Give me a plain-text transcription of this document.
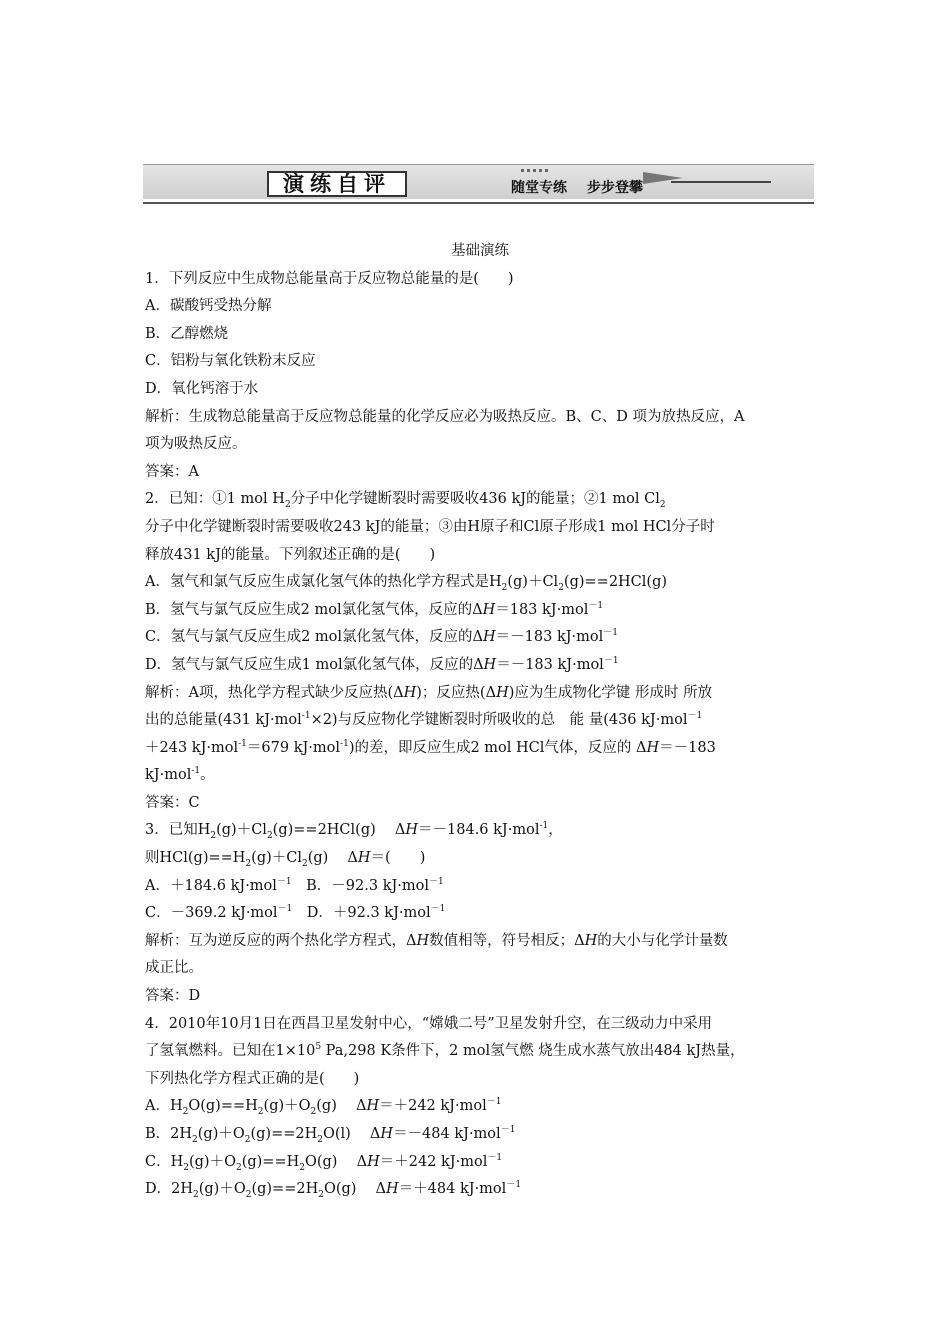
演练自评	随堂专练 步步登攀
基础演练
1．下列反应中生成物总能量高于反应物总能量的是(　　)
A．碳酸钙受热分解
B．乙醇燃烧
C．铝粉与氧化铁粉末反应
D．氧化钙溶于水
解析：生成物总能量高于反应物总能量的化学反应必为吸热反应。B、C、D 项为放热反应，A
项为吸热反应。
答案：A
2．已知：①1 mol $H_2$分子中化学键断裂时需要吸收436 kJ的能量；②1 mol $Cl_2$
分子中化学键断裂时需要吸收243 kJ的能量；③由H原子和Cl原子形成1 mol HCl分子时
释放431 kJ的能量。下列叙述正确的是(　　)
A．氢气和氯气反应生成氯化氢气体的热化学方程式是$H_2(g)+Cl_2(g)==2HCl(g)$
B．氢气与氯气反应生成2 mol氯化氢气体，反应的ΔH＝183 kJ·mol$^{-1}$
C．氢气与氯气反应生成2 mol氯化氢气体，反应的ΔH＝－183 kJ·mol$^{-1}$
D．氢气与氯气反应生成1 mol氯化氢气体，反应的ΔH＝－183 kJ·mol$^{-1}$
解析：A项，热化学方程式缺少反应热(ΔH)；反应热(ΔH)应为生成物化学键 形成时 所放
出的总能量(431 kJ·mol$^{-1}$×2)与反应物化学键断裂时所吸收的总　能 量(436 kJ·mol$^{-1}$
＋243 kJ·mol$^{-1}$＝679 kJ·mol$^{-1}$)的差，即反应生成2 mol HCl气体，反应的 ΔH＝－183
kJ·mol$^{-1}$。
答案：C
3．已知$H_2(g)+Cl_2(g)==2HCl(g)$　 ΔH＝－184.6 kJ·mol$^{-1}$，
则$HCl(g)==H_2(g)+Cl_2(g)$　 ΔH＝(　　)
A．＋184.6 kJ·mol$^{-1}$　B．－92.3 kJ·mol$^{-1}$
C．－369.2 kJ·mol$^{-1}$　D．＋92.3 kJ·mol$^{-1}$
解析：互为逆反应的两个热化学方程式，ΔH数值相等，符号相反；ΔH的大小与化学计量数
成正比。
答案：D
4．2010年10月1日在西昌卫星发射中心，“嫦娥二号”卫星发射升空，在三级动力中采用
了氢氧燃料。已知在$1\times 10^5$ Pa,298 K条件下，2 mol氢气燃 烧生成水蒸气放出484 kJ热量，
下列热化学方程式正确的是(　　)
A．$H_2O(g)==H_2(g)+O_2(g)$　 ΔH＝＋242 kJ·mol$^{-1}$
B．$2H_2(g)+O_2(g)==2H_2O(l)$　 ΔH＝－484 kJ·mol$^{-1}$
C．$H_2(g)+O_2(g)==H_2O(g)$　 ΔH＝＋242 kJ·mol$^{-1}$
D．$2H_2(g)+O_2(g)==2H_2O(g)$　 ΔH＝＋484 kJ·mol$^{-1}$
